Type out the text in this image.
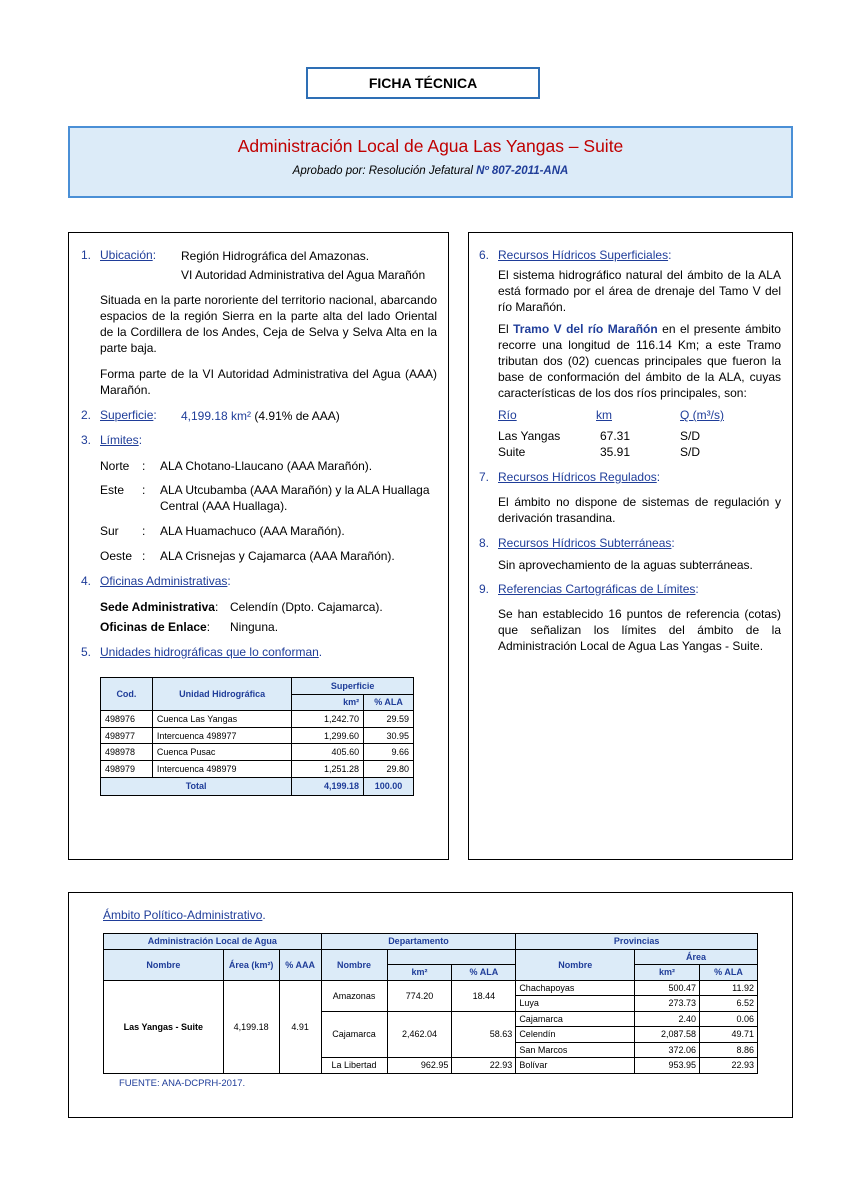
FICHA TÉCNICA
Administración Local de Agua Las Yangas – Suite
Aprobado por: Resolución Jefatural Nº 807-2011-ANA
1. Ubicación: Región Hidrográfica del Amazonas.
VI Autoridad Administrativa del Agua Marañón
Situada en la parte nororiente del territorio nacional, abarcando espacios de la región Sierra en la parte alta del lado Oriental de la Cordillera de los Andes, Ceja de Selva y Selva Alta en la parte baja.
Forma parte de la VI Autoridad Administrativa del Agua (AAA) Marañón.
2. Superficie: 4,199.18 km² (4.91% de AAA)
3. Límites:
Norte : ALA Chotano-Llaucano (AAA Marañón).
Este : ALA Utcubamba (AAA Marañón) y la ALA Huallaga Central (AAA Huallaga).
Sur : ALA Huamachuco (AAA Marañón).
Oeste : ALA Crisnejas y Cajamarca (AAA Marañón).
4. Oficinas Administrativas:
Sede Administrativa: Celendín (Dpto. Cajamarca).
Oficinas de Enlace: Ninguna.
5. Unidades hidrográficas que lo conforman.
Cod.	Unidad Hidrográfica	Superficie	
		km²	% ALA
498976	Cuenca Las Yangas	1,242.70	29.59
498977	Intercuenca 498977	1,299.60	30.95
498978	Cuenca Pusac	405.60	9.66
498979	Intercuenca 498979	1,251.28	29.80
Total		4,199.18	100.00
6. Recursos Hídricos Superficiales:
El sistema hidrográfico natural del ámbito de la ALA está formado por el área de drenaje del Tamo V del río Marañón.
El Tramo V del río Marañón en el presente ámbito recorre una longitud de 116.14 Km; a este Tramo tributan dos (02) cuencas principales que fueron la base de conformación del ámbito de la ALA, cuyas características de los dos ríos principales, son:
Río	km	Q (m³/s)
Las Yangas	67.31	S/D
Suite	35.91	S/D
7. Recursos Hídricos Regulados:
El ámbito no dispone de sistemas de regulación y derivación trasandina.
8. Recursos Hídricos Subterráneas:
Sin aprovechamiento de la aguas subterráneas.
9. Referencias Cartográficas de Límites:
Se han establecido 16 puntos de referencia (cotas) que señalizan los límites del ámbito de la Administración Local de Agua Las Yangas - Suite.
Ámbito Político-Administrativo.
Administración Local de Agua			Departamento			Provincias		
Nombre	Área (km²)	% AAA	Nombre			Nombre	Área	
				km²	% ALA		km²	% ALA
Las Yangas - Suite	4,199.18	4.91	Amazonas	774.20	18.44	Chachapoyas	500.47	11.92
						Luya	273.73	6.52
			Cajamarca	2,462.04	58.63	Cajamarca	2.40	0.06
						Celendín	2,087.58	49.71
						San Marcos	372.06	8.86
			La Libertad	962.95	22.93	Bolívar	953.95	22.93
FUENTE: ANA-DCPRH-2017.
